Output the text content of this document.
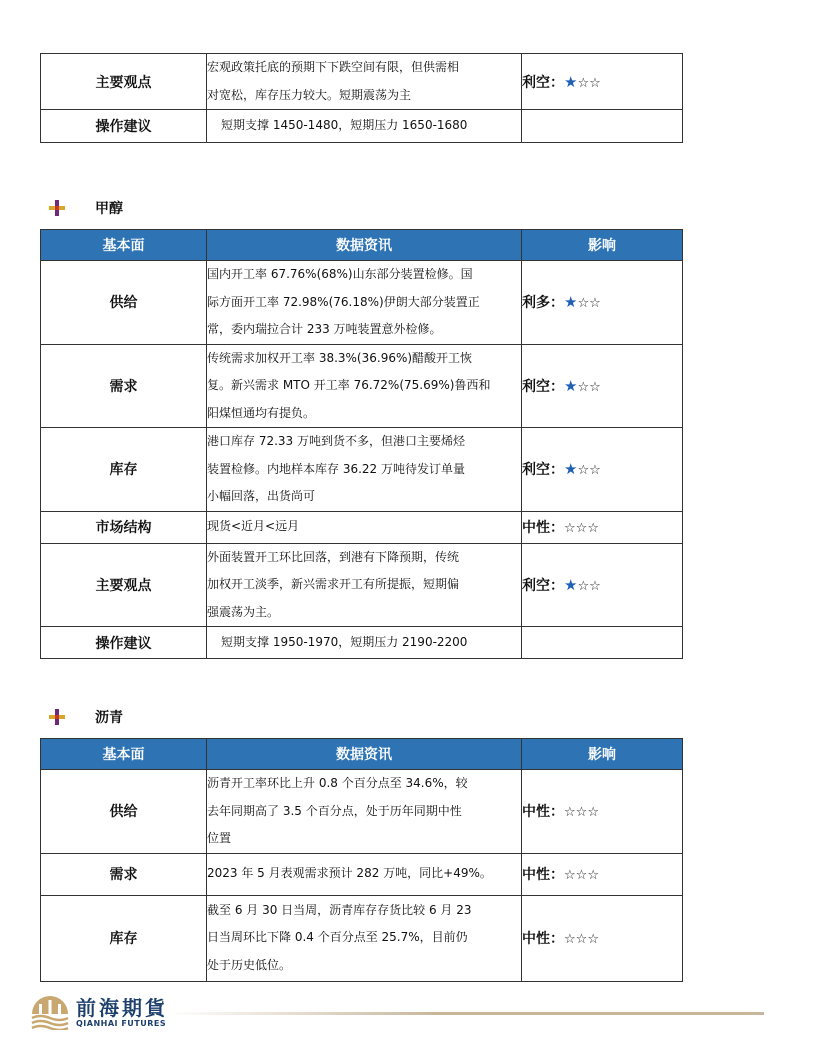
主要观点	宏观政策托底的预期下下跌空间有限，但供需相
对宽松，库存压力较大。短期震荡为主	利空：★☆☆
操作建议	短期支撑 1450-1480，短期压力 1650-1680	

甲醇
基本面	数据资讯	影响
供给	国内开工率 67.76%(68%)山东部分装置检修。国
际方面开工率 72.98%(76.18%)伊朗大部分装置正
常，委内瑞拉合计 233 万吨装置意外检修。	利多：★☆☆
需求	传统需求加权开工率 38.3%(36.96%)醋酸开工恢
复。新兴需求 MTO 开工率 76.72%(75.69%)鲁西和
阳煤恒通均有提负。	利空：★☆☆
库存	港口库存 72.33 万吨到货不多，但港口主要烯烃
装置检修。内地样本库存 36.22 万吨待发订单量
小幅回落，出货尚可	利空：★☆☆
市场结构	现货<近月<远月	中性：☆☆☆
主要观点	外面装置开工环比回落，到港有下降预期，传统
加权开工淡季，新兴需求开工有所提振，短期偏
强震荡为主。	利空：★☆☆
操作建议	短期支撑 1950-1970，短期压力 2190-2200	

沥青
基本面	数据资讯	影响
供给	沥青开工率环比上升 0.8 个百分点至 34.6%，较
去年同期高了 3.5 个百分点，处于历年同期中性
位置	中性：☆☆☆
需求	2023 年 5 月表观需求预计 282 万吨，同比+49%。	中性：☆☆☆
库存	截至 6 月 30 日当周，沥青库存存货比较 6 月 23
日当周环比下降 0.4 个百分点至 25.7%，目前仍
处于历史低位。	中性：☆☆☆
前海期貨
QIANHAI FUTURES
